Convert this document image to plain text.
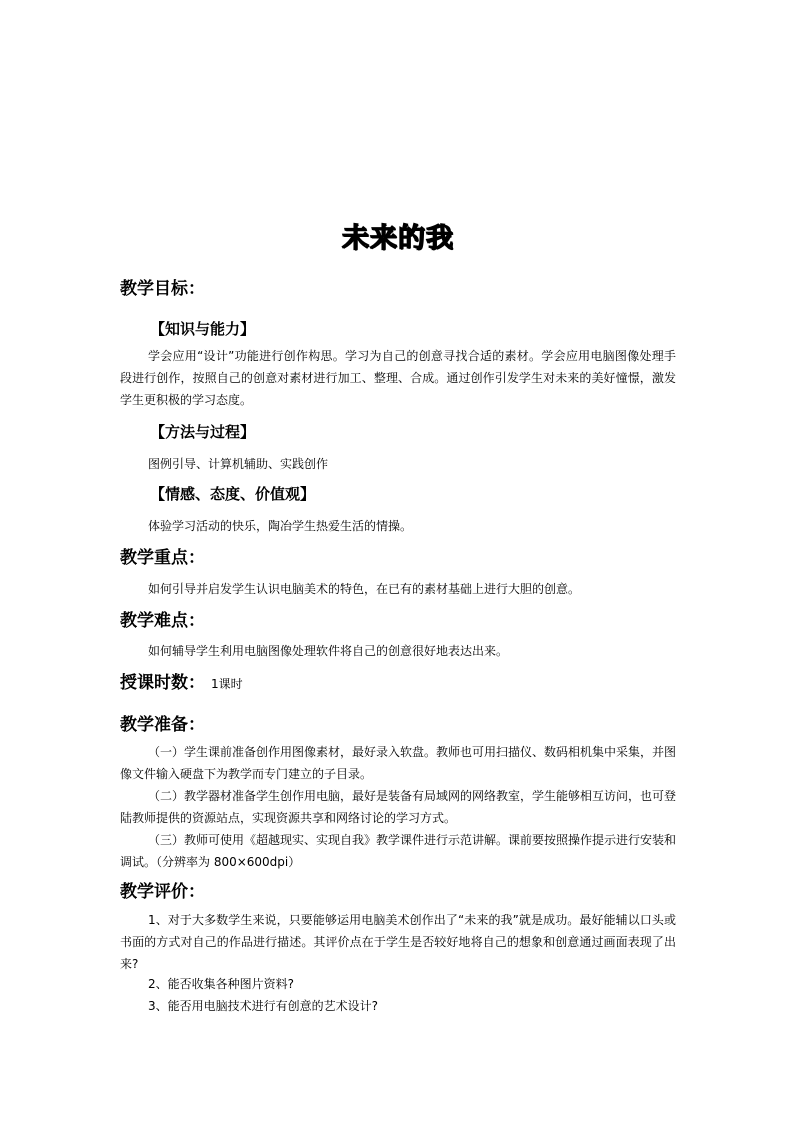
未来的我
教学目标：
【知识与能力】
学会应用“设计”功能进行创作构思。学习为自己的创意寻找合适的素材。学会应用电脑图像处理手段进行创作，按照自己的创意对素材进行加工、整理、合成。通过创作引发学生对未来的美好憧憬，激发学生更积极的学习态度。
【方法与过程】
图例引导、计算机辅助、实践创作
【情感、态度、价值观】
体验学习活动的快乐，陶冶学生热爱生活的情操。
教学重点：
如何引导并启发学生认识电脑美术的特色，在已有的素材基础上进行大胆的创意。
教学难点：
如何辅导学生利用电脑图像处理软件将自己的创意很好地表达出来。
授课时数： 1课时
教学准备：
（一）学生课前准备创作用图像素材，最好录入软盘。教师也可用扫描仪、数码相机集中采集，并图像文件输入硬盘下为教学而专门建立的子目录。
（二）教学器材准备学生创作用电脑，最好是装备有局域网的网络教室，学生能够相互访问，也可登陆教师提供的资源站点，实现资源共享和网络讨论的学习方式。
（三）教师可使用《超越现实、实现自我》教学课件进行示范讲解。课前要按照操作提示进行安装和调试。（分辨率为 800×600dpi）
教学评价：
1、对于大多数学生来说，只要能够运用电脑美术创作出了“未来的我”就是成功。最好能辅以口头或书面的方式对自己的作品进行描述。其评价点在于学生是否较好地将自己的想象和创意通过画面表现了出来?
2、能否收集各种图片资料?
3、能否用电脑技术进行有创意的艺术设计?
